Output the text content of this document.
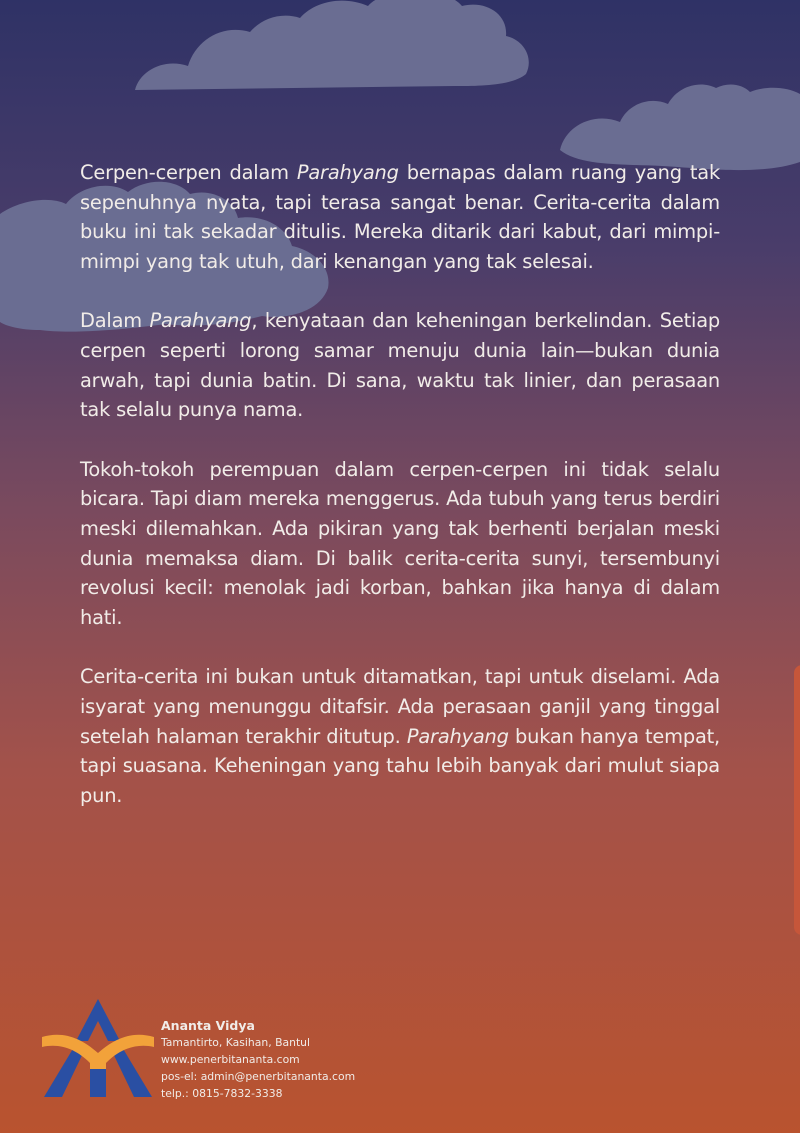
Cerpen-cerpen dalam Parahyang bernapas dalam ruang yang tak sepenuhnya nyata, tapi terasa sangat benar. Cerita-cerita dalam buku ini tak sekadar ditulis. Mereka ditarik dari kabut, dari mimpi-mimpi yang tak utuh, dari kenangan yang tak selesai.

Dalam Parahyang, kenyataan dan keheningan berkelindan. Setiap cerpen seperti lorong samar menuju dunia lain—bukan dunia arwah, tapi dunia batin. Di sana, waktu tak linier, dan perasaan tak selalu punya nama.

Tokoh-tokoh perempuan dalam cerpen-cerpen ini tidak selalu bicara. Tapi diam mereka menggerus. Ada tubuh yang terus berdiri meski dilemahkan. Ada pikiran yang tak berhenti berjalan meski dunia memaksa diam. Di balik cerita-cerita sunyi, tersembunyi revolusi kecil: menolak jadi korban, bahkan jika hanya di dalam hati.

Cerita-cerita ini bukan untuk ditamatkan, tapi untuk diselami. Ada isyarat yang menunggu ditafsir. Ada perasaan ganjil yang tinggal setelah halaman terakhir ditutup. Parahyang bukan hanya tempat, tapi suasana. Keheningan yang tahu lebih banyak dari mulut siapa pun.

Ananta Vidya
Tamantirto, Kasihan, Bantul
www.penerbitananta.com
pos-el: admin@penerbitananta.com
telp.: 0815-7832-3338
